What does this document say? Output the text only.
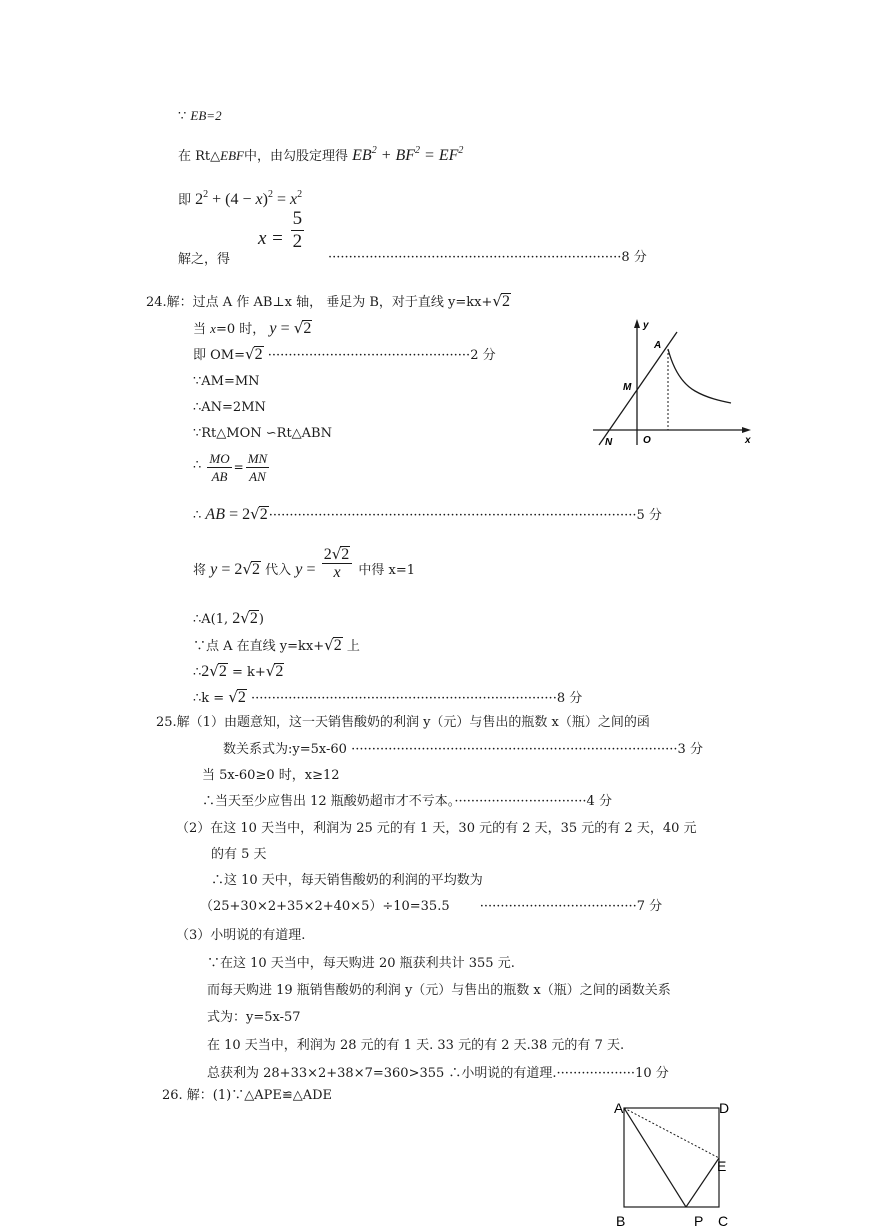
∵ EB=2
在 Rt△EBF中，由勾股定理得 $EB^2 + BF^2 = EF^2$
即 $2^2 + (4 - x)^2 = x^2$
解之，得
$x = \frac{5}{2}$
·······································································8 分
24.解：过点 A 作 AB⊥x 轴， 垂足为 B，对于直线 y=kx+√2
当 x=0 时， y = √2
即 OM=√2 ·················································2 分
∵AM=MN
∴AN=2MN
∵Rt△MON ∽Rt△ABN
∴ $\frac{MO}{AB} = \frac{MN}{AN}$
∴ AB = 2√2·························································································5 分
将 y = 2√2 代入 $y = \frac{2√2}{x}$ 中得 x=1
∴A(1, 2√2)
∵点 A 在直线 y=kx+√2 上
∴2√2 = k+√2
∴k = √2 ··········································································8 分
y
x
A
M
N	O
25.解（1）由题意知，这一天销售酸奶的利润 y（元）与售出的瓶数 x（瓶）之间的函
数关系式为:y=5x-60 ···············································································3 分
当 5x-60≥0 时，x≥12
∴当天至少应售出 12 瓶酸奶超市才不亏本。································4 分
（2）在这 10 天当中，利润为 25 元的有 1 天，30 元的有 2 天，35 元的有 2 天，40 元
的有 5 天
∴这 10 天中，每天销售酸奶的利润的平均数为
（25+30×2+35×2+40×5）÷10=35.5 ······································7 分
（3）小明说的有道理.
∵在这 10 天当中，每天购进 20 瓶获利共计 355 元.
而每天购进 19 瓶销售酸奶的利润 y（元）与售出的瓶数 x（瓶）之间的函数关系
式为：y=5x-57
在 10 天当中，利润为 28 元的有 1 天. 33 元的有 2 天.38 元的有 7 天.
总获利为 28+33×2+38×7=360>355 ∴小明说的有道理.···················10 分
26. 解：(1)∵△APE≌△ADE
A	D
E
B	P C
